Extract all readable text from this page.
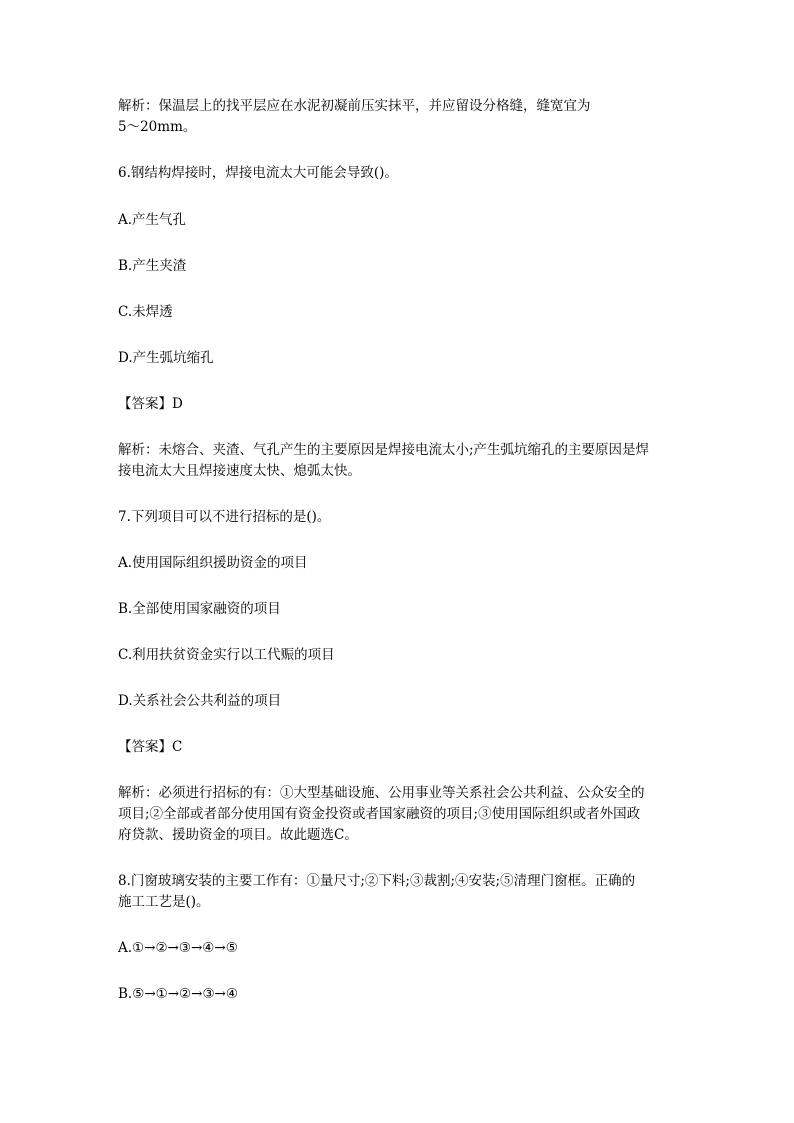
解析：保温层上的找平层应在水泥初凝前压实抹平，并应留设分格缝，缝宽宜为
5～20mm。
6.钢结构焊接时，焊接电流太大可能会导致()。
A.产生气孔
B.产生夹渣
C.未焊透
D.产生弧坑缩孔
【答案】D
解析：未熔合、夹渣、气孔产生的主要原因是焊接电流太小;产生弧坑缩孔的主要原因是焊
接电流太大且焊接速度太快、熄弧太快。
7.下列项目可以不进行招标的是()。
A.使用国际组织援助资金的项目
B.全部使用国家融资的项目
C.利用扶贫资金实行以工代赈的项目
D.关系社会公共利益的项目
【答案】C
解析：必须进行招标的有：①大型基础设施、公用事业等关系社会公共利益、公众安全的
项目;②全部或者部分使用国有资金投资或者国家融资的项目;③使用国际组织或者外国政
府贷款、援助资金的项目。故此题选C。
8.门窗玻璃安装的主要工作有：①量尺寸;②下料;③裁割;④安装;⑤清理门窗框。正确的
施工工艺是()。
A.①→②→③→④→⑤
B.⑤→①→②→③→④
